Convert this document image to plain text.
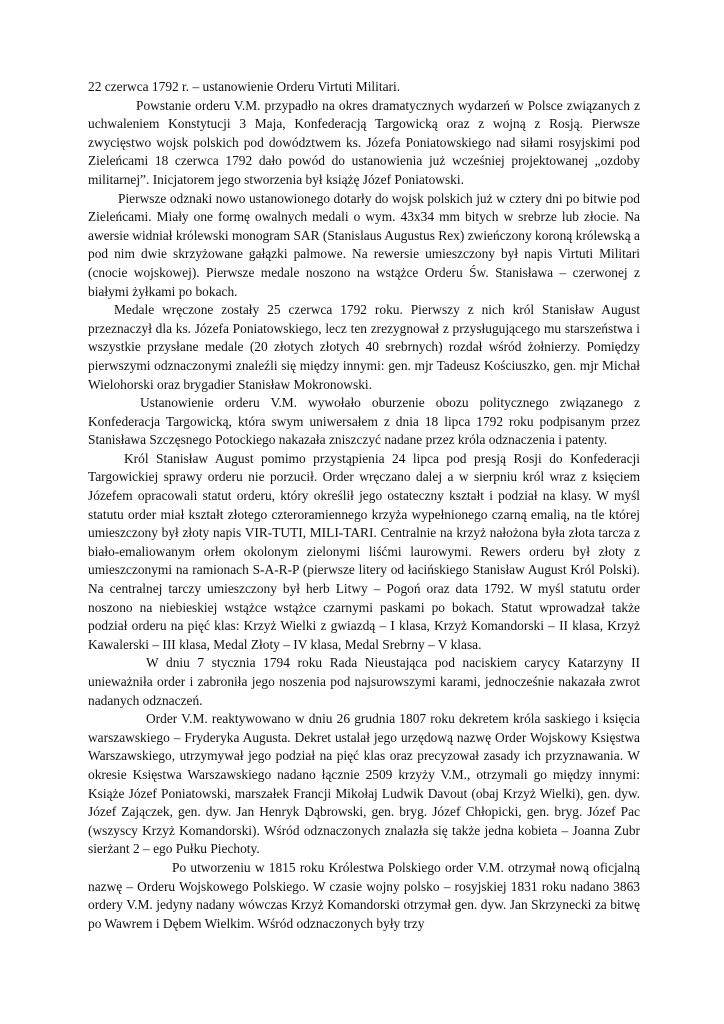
22 czerwca 1792 r. – ustanowienie Orderu Virtuti Militari.

Powstanie orderu V.M. przypadło na okres dramatycznych wydarzeń w Polsce związanych z uchwaleniem Konstytucji 3 Maja, Konfederacją Targowicką oraz z wojną z Rosją. Pierwsze zwycięstwo wojsk polskich pod dowództwem ks. Józefa Poniatowskiego nad siłami rosyjskimi pod Zieleńcami 18 czerwca 1792 dało powód do ustanowienia już wcześniej projektowanej „ozdoby militarnej”. Inicjatorem jego stworzenia był książę Józef Poniatowski.

Pierwsze odznaki nowo ustanowionego dotarły do wojsk polskich już w cztery dni po bitwie pod Zieleńcami. Miały one formę owalnych medali o wym. 43x34 mm bitych w srebrze lub złocie. Na awersie widniał królewski monogram SAR (Stanislaus Augustus Rex) zwieńczony koroną królewską a pod nim dwie skrzyżowane gałązki palmowe. Na rewersie umieszczony był napis Virtuti Militari (cnocie wojskowej). Pierwsze medale noszono na wstążce Orderu Św. Stanisława – czerwonej z białymi żyłkami po bokach.

Medale wręczone zostały 25 czerwca 1792 roku. Pierwszy z nich król Stanisław August przeznaczył dla ks. Józefa Poniatowskiego, lecz ten zrezygnował z przysługującego mu starszeństwa i wszystkie przysłane medale (20 złotych złotych 40 srebrnych) rozdał wśród żołnierzy. Pomiędzy pierwszymi odznaczonymi znaleźli się między innymi: gen. mjr Tadeusz Kościuszko, gen. mjr Michał Wielohorski oraz brygadier Stanisław Mokronowski.

Ustanowienie orderu V.M. wywołało oburzenie obozu politycznego związanego z Konfederacja Targowicką, która swym uniwersałem z dnia 18 lipca 1792 roku podpisanym przez Stanisława Szczęsnego Potockiego nakazała zniszczyć nadane przez króla odznaczenia i patenty.

Król Stanisław August pomimo przystąpienia 24 lipca pod presją Rosji do Konfederacji Targowickiej sprawy orderu nie porzucił. Order wręczano dalej a w sierpniu król wraz z księciem Józefem opracowali statut orderu, który określił jego ostateczny kształt i podział na klasy. W myśl statutu order miał kształt złotego czteroramiennego krzyża wypełnionego czarną emalią, na tle której umieszczony był złoty napis VIR-TUTI, MILI-TARI. Centralnie na krzyż nałożona była złota tarcza z biało-emaliowanym orłem okolonym zielonymi liśćmi laurowymi. Rewers orderu był złoty z umieszczonymi na ramionach S-A-R-P (pierwsze litery od łacińskiego Stanisław August Król Polski). Na centralnej tarczy umieszczony był herb Litwy – Pogoń oraz data 1792. W myśl statutu order noszono na niebieskiej wstążce wstążce czarnymi paskami po bokach. Statut wprowadzał także podział orderu na pięć klas: Krzyż Wielki z gwiazdą – I klasa, Krzyż Komandorski – II klasa, Krzyż Kawalerski – III klasa, Medal Złoty – IV klasa, Medal Srebrny – V klasa.

W dniu 7 stycznia 1794 roku Rada Nieustająca pod naciskiem carycy Katarzyny II unieważniła order i zabroniła jego noszenia pod najsurowszymi karami, jednocześnie nakazała zwrot nadanych odznaczeń.

Order V.M. reaktywowano w dniu 26 grudnia 1807 roku dekretem króla saskiego i księcia warszawskiego – Fryderyka Augusta. Dekret ustalał jego urzędową nazwę Order Wojskowy Księstwa Warszawskiego, utrzymywał jego podział na pięć klas oraz precyzował zasady ich przyznawania. W okresie Księstwa Warszawskiego nadano łącznie 2509 krzyży V.M., otrzymali go między innymi: Książe Józef Poniatowski, marszałek Francji Mikołaj Ludwik Davout (obaj Krzyż Wielki), gen. dyw. Józef Zajączek, gen. dyw. Jan Henryk Dąbrowski, gen. bryg. Józef Chłopicki, gen. bryg. Józef Pac (wszyscy Krzyż Komandorski). Wśród odznaczonych znalazła się także jedna kobieta – Joanna Zubr sierżant 2 – ego Pułku Piechoty.

Po utworzeniu w 1815 roku Królestwa Polskiego order V.M. otrzymał nową oficjalną nazwę – Orderu Wojskowego Polskiego. W czasie wojny polsko – rosyjskiej 1831 roku nadano 3863 ordery V.M. jedyny nadany wówczas Krzyż Komandorski otrzymał gen. dyw. Jan Skrzynecki za bitwę po Wawrem i Dębem Wielkim. Wśród odznaczonych były trzy
